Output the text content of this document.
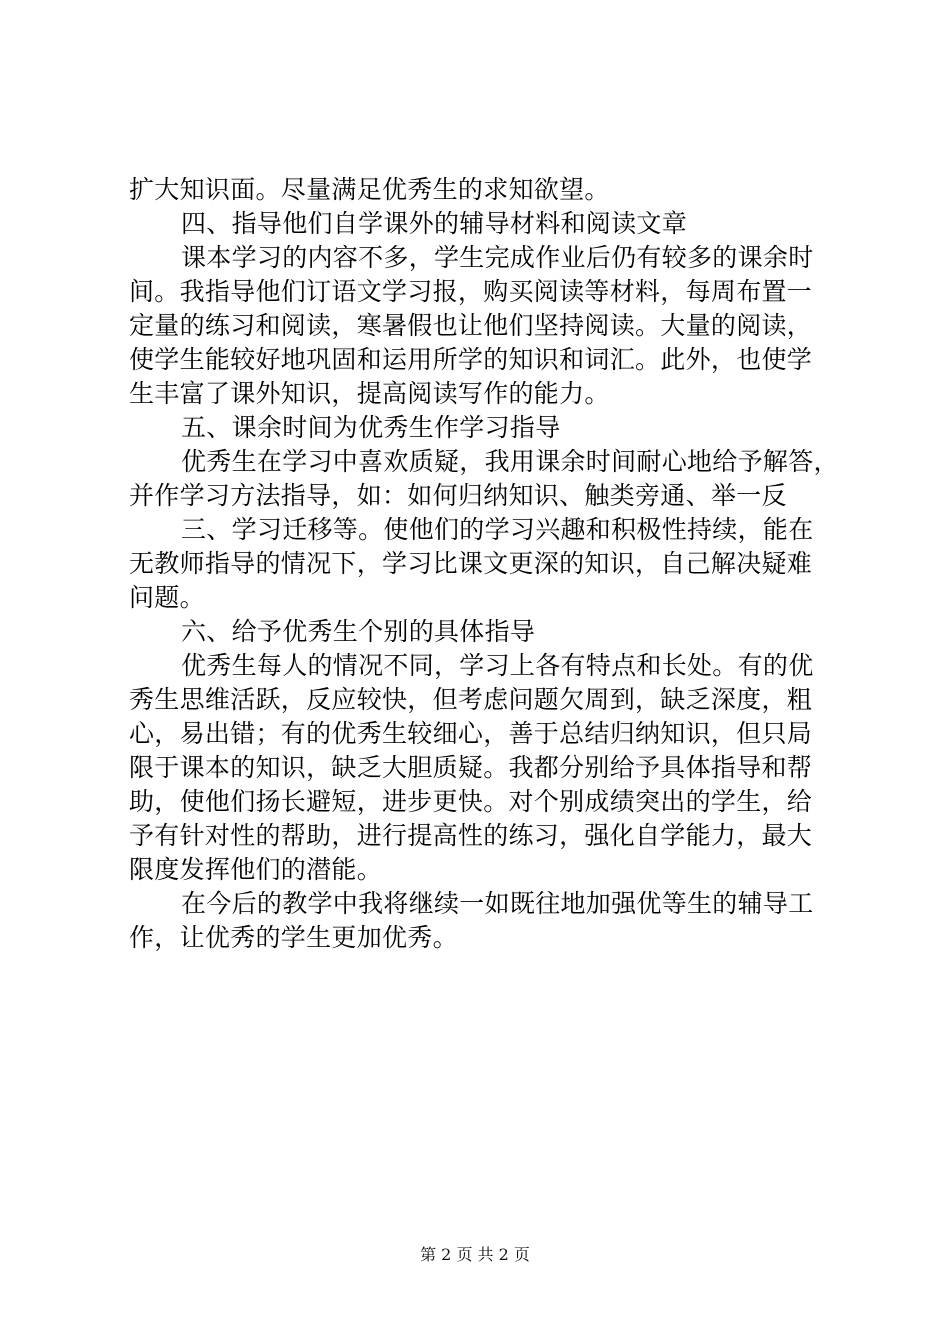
扩大知识面。尽量满足优秀生的求知欲望。
四、指导他们自学课外的辅导材料和阅读文章
课本学习的内容不多，学生完成作业后仍有较多的课余时
间。我指导他们订语文学习报，购买阅读等材料，每周布置一
定量的练习和阅读，寒暑假也让他们坚持阅读。大量的阅读，
使学生能较好地巩固和运用所学的知识和词汇。此外，也使学
生丰富了课外知识，提高阅读写作的能力。
五、课余时间为优秀生作学习指导
优秀生在学习中喜欢质疑，我用课余时间耐心地给予解答，
并作学习方法指导，如：如何归纳知识、触类旁通、举一反
三、学习迁移等。使他们的学习兴趣和积极性持续，能在
无教师指导的情况下，学习比课文更深的知识，自己解决疑难
问题。
六、给予优秀生个别的具体指导
优秀生每人的情况不同，学习上各有特点和长处。有的优
秀生思维活跃，反应较快，但考虑问题欠周到，缺乏深度，粗
心，易出错；有的优秀生较细心，善于总结归纳知识，但只局
限于课本的知识，缺乏大胆质疑。我都分别给予具体指导和帮
助，使他们扬长避短，进步更快。对个别成绩突出的学生，给
予有针对性的帮助，进行提高性的练习，强化自学能力，最大
限度发挥他们的潜能。
在今后的教学中我将继续一如既往地加强优等生的辅导工
作，让优秀的学生更加优秀。
第 2 页 共 2 页
